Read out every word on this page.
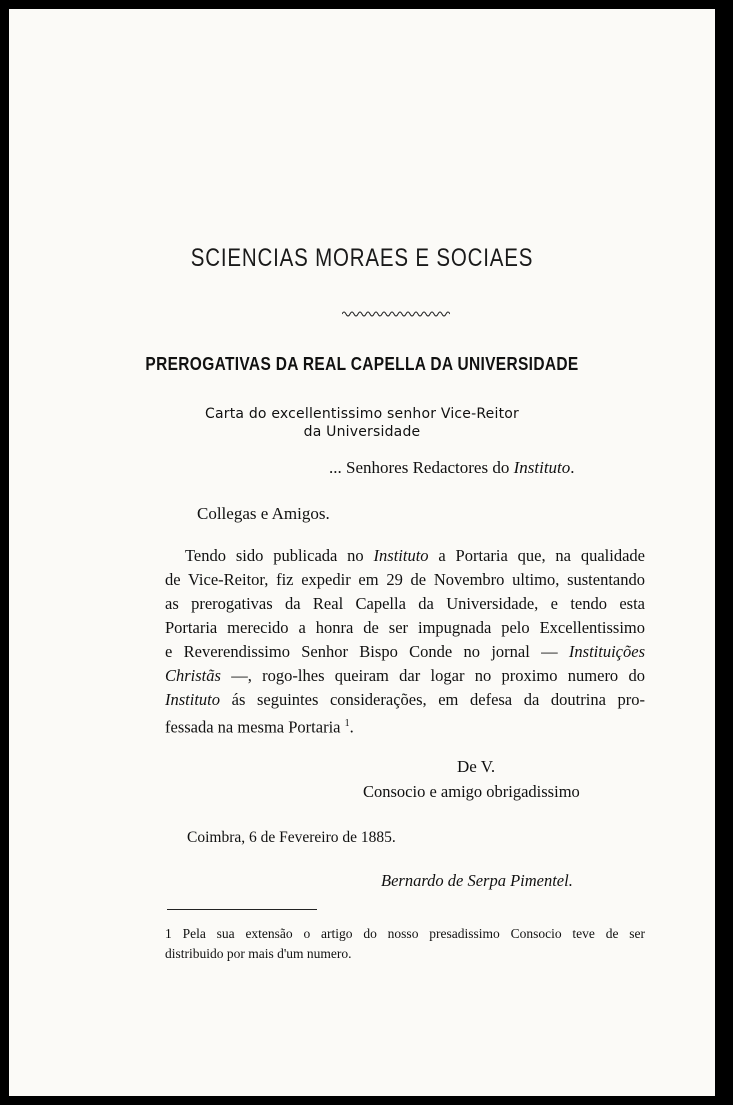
SCIENCIAS MORAES E SOCIAES
PREROGATIVAS DA REAL CAPELLA DA UNIVERSIDADE
Carta do excellentissimo senhor Vice-Reitor
da Universidade
... Senhores Redactores do Instituto.
Collegas e Amigos.
Tendo sido publicada no Instituto a Portaria que, na qualidade
de Vice-Reitor, fiz expedir em 29 de Novembro ultimo, sustentando
as prerogativas da Real Capella da Universidade, e tendo esta
Portaria merecido a honra de ser impugnada pelo Excellentissimo
e Reverendissimo Senhor Bispo Conde no jornal — Instituições
Christãs —, rogo-lhes queiram dar logar no proximo numero do
Instituto ás seguintes considerações, em defesa da doutrina pro-
fessada na mesma Portaria $^1$.
De V.
Consocio e amigo obrigadissimo
Coimbra, 6 de Fevereiro de 1885.
Bernardo de Serpa Pimentel.
1 Pela sua extensão o artigo do nosso presadissimo Consocio teve de ser
distribuido por mais d'um numero.
